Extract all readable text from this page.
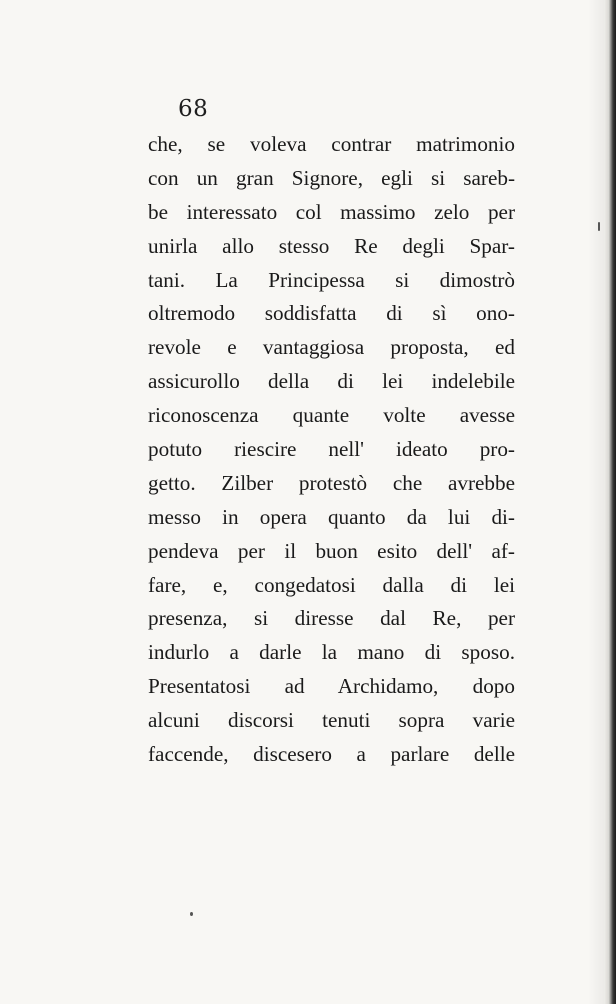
68
che, se voleva contrar matrimonio
con un gran Signore, egli si sareb-
be interessato col massimo zelo per
unirla allo stesso Re degli Spar-
tani. La Principessa si dimostrò
oltremodo soddisfatta di sì ono-
revole e vantaggiosa proposta, ed
assicurollo della di lei indelebile
riconoscenza quante volte avesse
potuto riescire nell' ideato pro-
getto. Zilber protestò che avrebbe
messo in opera quanto da lui di-
pendeva per il buon esito dell' af-
fare, e, congedatosi dalla di lei
presenza, si diresse dal Re, per
indurlo a darle la mano di sposo.
Presentatosi ad Archidamo, dopo
alcuni discorsi tenuti sopra varie
faccende, discesero a parlare delle
